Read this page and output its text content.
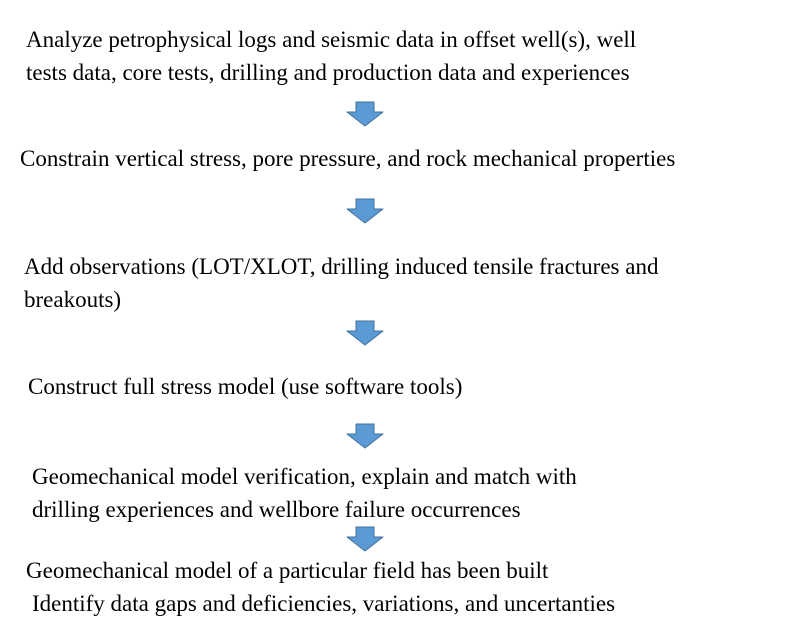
Analyze petrophysical logs and seismic data in offset well(s), well
tests data, core tests, drilling and production data and experiences

Constrain vertical stress, pore pressure, and rock mechanical properties

Add observations (LOT/XLOT, drilling induced tensile fractures and
breakouts)

Construct full stress model (use software tools)

Geomechanical model verification, explain and match with
drilling experiences and wellbore failure occurrences

Geomechanical model of a particular field has been built

Identify data gaps and deficiencies, variations, and uncertanties
